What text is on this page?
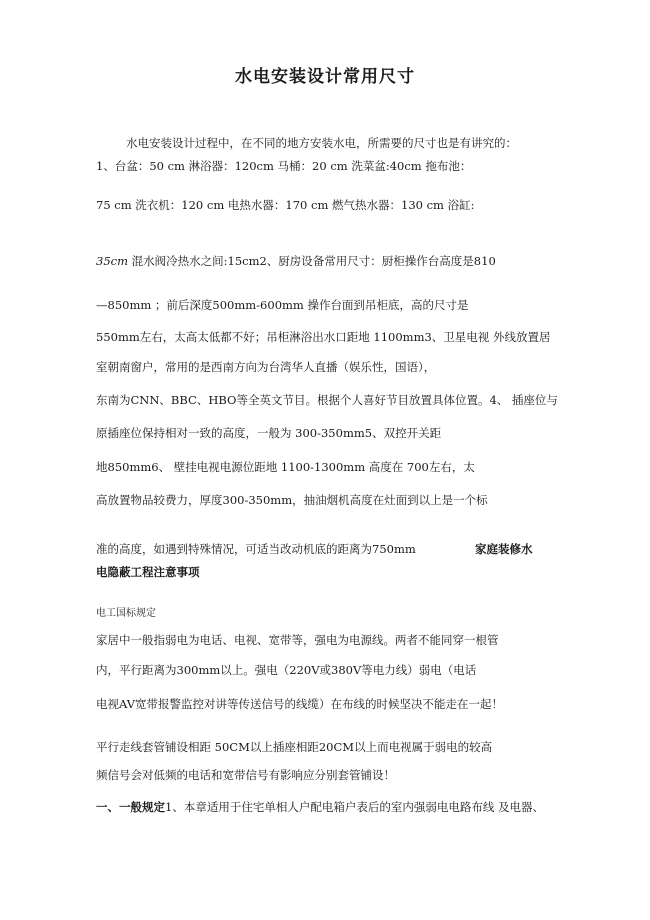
水电安装设计常用尺寸
水电安装设计过程中，在不同的地方安装水电，所需要的尺寸也是有讲究的：
1、台盆：50 cm 淋浴器：120cm 马桶：20 cm 洗菜盆:40cm 拖布池：
75 cm 洗衣机：120 cm 电热水器：170 cm 燃气热水器：130 cm 浴缸:
35cm 混水阀冷热水之间:15cm2、厨房设备常用尺寸：厨柜操作台高度是810
—850mm ；前后深度500mm-600mm 操作台面到吊柜底，高的尺寸是
550mm左右，太高太低都不好；吊柜淋浴出水口距地 1100mm3、卫星电视 外线放置居
室朝南窗户，常用的是西南方向为台湾华人直播（娱乐性，国语），
东南为CNN、BBC、HBO等全英文节目。根据个人喜好节目放置具体位置。4、 插座位与
原插座位保持相对一致的高度，一般为 300-350mm5、双控开关距
地850mm6、 壁挂电视电源位距地 1100-1300mm 高度在 700左右，太
高放置物品较费力，厚度300-350mm，抽油烟机高度在灶面到以上是一个标
准的高度，如遇到特殊情况，可适当改动机底的距离为750mm	家庭装修水
电隐蔽工程注意事项
电工国标规定
家居中一般指弱电为电话、电视、宽带等，强电为电源线。两者不能同穿一根管
内，平行距离为300mm以上。强电（220V或380V等电力线）弱电（电话
电视AV宽带报警监控对讲等传送信号的线缆）在布线的时候坚决不能走在一起！
平行走线套管铺设相距 50CM以上插座相距20CM以上而电视属于弱电的较高
频信号会对低频的电话和宽带信号有影响应分别套管铺设！
一、一般规定1、本章适用于住宅单相人户配电箱户表后的室内强弱电电路布线 及电器、
